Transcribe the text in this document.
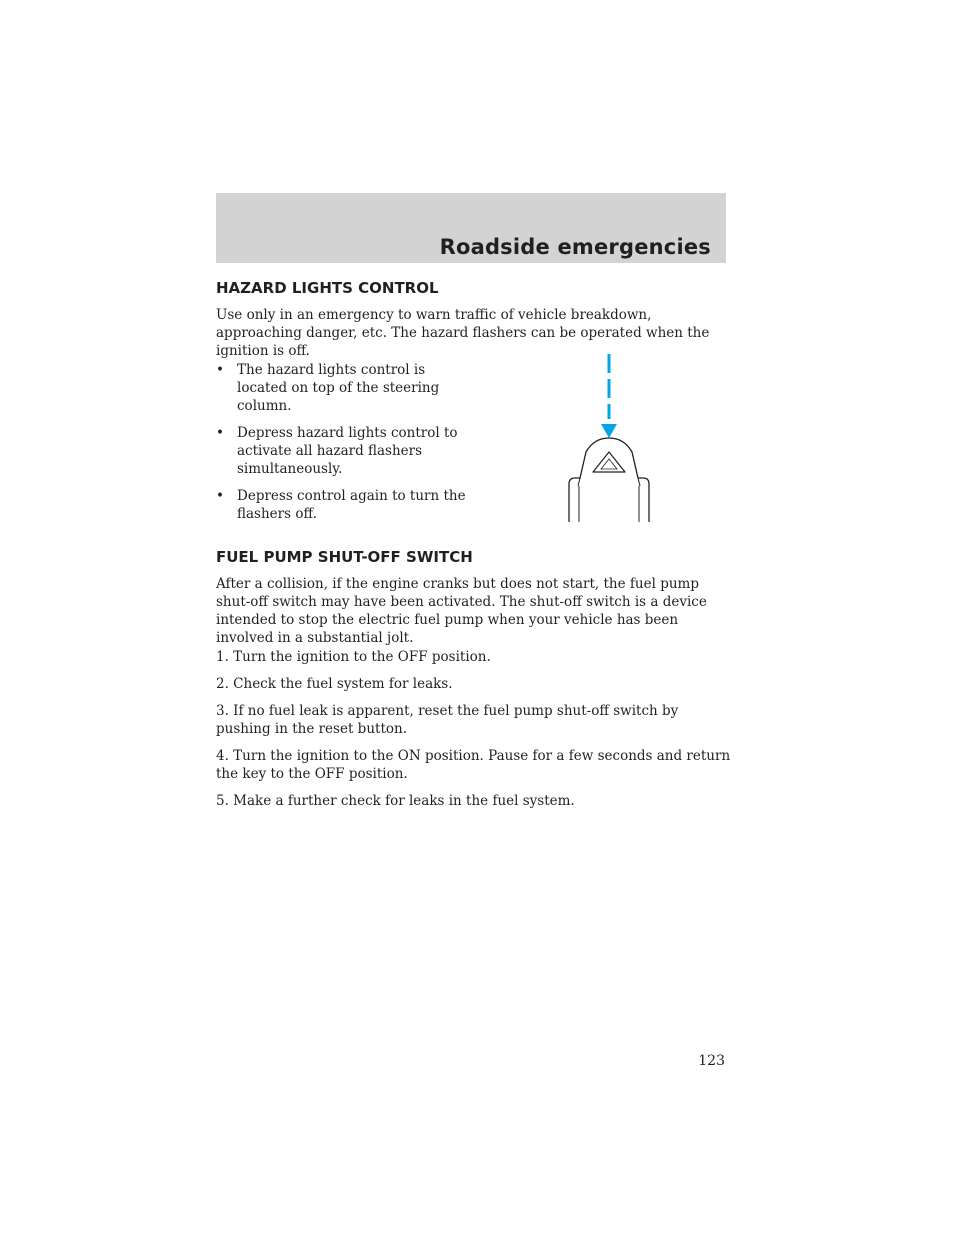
Roadside emergencies
HAZARD LIGHTS CONTROL

Use only in an emergency to warn traffic of vehicle breakdown, approaching danger, etc. The hazard flashers can be operated when the ignition is off.

• The hazard lights control is located on top of the steering column.
• Depress hazard lights control to activate all hazard flashers simultaneously.
• Depress control again to turn the flashers off.
FUEL PUMP SHUT-OFF SWITCH

After a collision, if the engine cranks but does not start, the fuel pump shut-off switch may have been activated. The shut-off switch is a device intended to stop the electric fuel pump when your vehicle has been involved in a substantial jolt.

1. Turn the ignition to the OFF position.

2. Check the fuel system for leaks.

3. If no fuel leak is apparent, reset the fuel pump shut-off switch by pushing in the reset button.

4. Turn the ignition to the ON position. Pause for a few seconds and return the key to the OFF position.

5. Make a further check for leaks in the fuel system.

123
